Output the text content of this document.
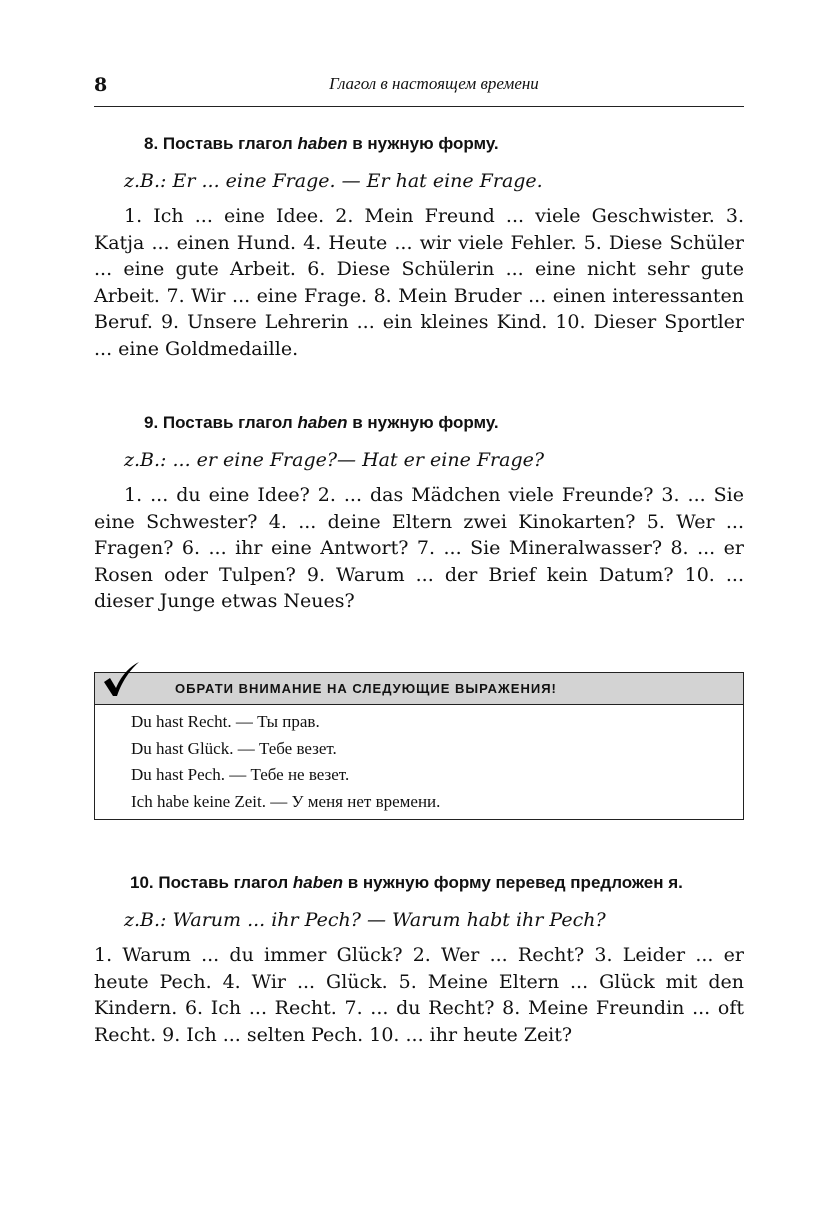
8	Глагол в настоящем времени
8.
Поставь глагол haben в нужную форму.
z.B.: Er ... eine Frage. — Er hat eine Frage.
1. Ich ... eine Idee. 2. Mein Freund ... viele Geschwister. 3. Katja ... einen Hund. 4. Heute ... wir viele Fehler. 5. Diese Schüler ... eine gute Arbeit. 6. Diese Schülerin ... eine nicht sehr gute Arbeit. 7. Wir ... eine Frage. 8. Mein Bruder ... einen interessanten Beruf. 9. Unsere Lehrerin ... ein kleines Kind. 10. Dieser Sportler ... eine Goldmedaille.
9.
Поставь глагол haben в нужную форму.
z.B.: ... er eine Frage?— Hat er eine Frage?
1. ... du eine Idee? 2. ... das Mädchen viele Freunde? 3. ... Sie eine Schwester? 4. ... deine Eltern zwei Kinokarten? 5. Wer ... Fragen? 6. ... ihr eine Antwort? 7. ... Sie Mineralwasser? 8. ... er Rosen oder Tulpen? 9. Warum ... der Brief kein Datum? 10. ... dieser Junge etwas Neues?
ОБРАТИ ВНИМАНИЕ НА СЛЕДУЮЩИЕ ВЫРАЖЕНИЯ!
Du hast Recht. — Ты прав.
Du hast Glück. — Тебе везет.
Du hast Pech. — Тебе не везет.
Ich habe keine Zeit. — У меня нет времени.
10.
Поставь глагол haben в нужную форму перевед предложен я.
z.B.: Warum ... ihr Pech? — Warum habt ihr Pech?
1. Warum ... du immer Glück? 2. Wer ... Recht? 3. Leider ... er heute Pech. 4. Wir ... Glück. 5. Meine Eltern ... Glück mit den Kindern. 6. Ich ... Recht. 7. ... du Recht? 8. Meine Freundin ... oft Recht. 9. Ich ... selten Pech. 10. ... ihr heute Zeit?
